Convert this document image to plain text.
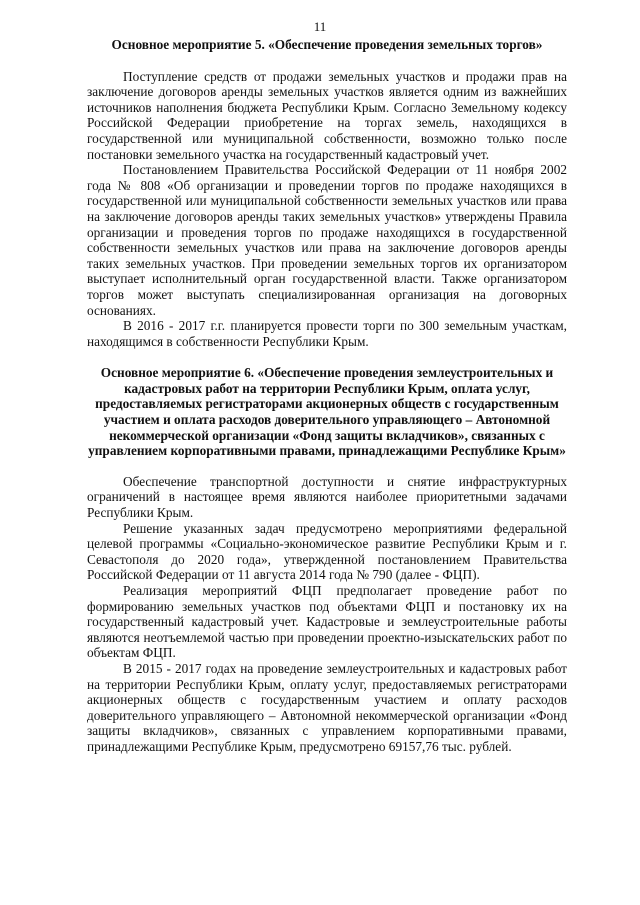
11

Основное мероприятие 5. «Обеспечение проведения земельных торгов»

Поступление средств от продажи земельных участков и продажи прав на заключение договоров аренды земельных участков является одним из важнейших источников наполнения бюджета Республики Крым. Согласно Земельному кодексу Российской Федерации приобретение на торгах земель, находящихся в государственной или муниципальной собственности, возможно только после постановки земельного участка на государственный кадастровый учет.

Постановлением Правительства Российской Федерации от 11 ноября 2002 года № 808 «Об организации и проведении торгов по продаже находящихся в государственной или муниципальной собственности земельных участков или права на заключение договоров аренды таких земельных участков» утверждены Правила организации и проведения торгов по продаже находящихся в государственной собственности земельных участков или права на заключение договоров аренды таких земельных участков. При проведении земельных торгов их организатором выступает исполнительный орган государственной власти. Также организатором торгов может выступать специализированная организация на договорных основаниях.

В 2016 - 2017 г.г. планируется провести торги по 300 земельным участкам, находящимся в собственности Республики Крым.

Основное мероприятие 6. «Обеспечение проведения землеустроительных и кадастровых работ на территории Республики Крым, оплата услуг, предоставляемых регистраторами акционерных обществ с государственным участием и оплата расходов доверительного управляющего – Автономной некоммерческой организации «Фонд защиты вкладчиков», связанных с управлением корпоративными правами, принадлежащими Республике Крым»

Обеспечение транспортной доступности и снятие инфраструктурных ограничений в настоящее время являются наиболее приоритетными задачами Республики Крым.

Решение указанных задач предусмотрено мероприятиями федеральной целевой программы «Социально-экономическое развитие Республики Крым и г. Севастополя до 2020 года», утвержденной постановлением Правительства Российской Федерации от 11 августа 2014 года № 790 (далее - ФЦП).

Реализация мероприятий ФЦП предполагает проведение работ по формированию земельных участков под объектами ФЦП и постановку их на государственный кадастровый учет. Кадастровые и землеустроительные работы являются неотъемлемой частью при проведении проектно-изыскательских работ по объектам ФЦП.

В 2015 - 2017 годах на проведение землеустроительных и кадастровых работ на территории Республики Крым, оплату услуг, предоставляемых регистраторами акционерных обществ с государственным участием и оплату расходов доверительного управляющего – Автономной некоммерческой организации «Фонд защиты вкладчиков», связанных с управлением корпоративными правами, принадлежащими Республике Крым, предусмотрено 69157,76 тыс. рублей.
